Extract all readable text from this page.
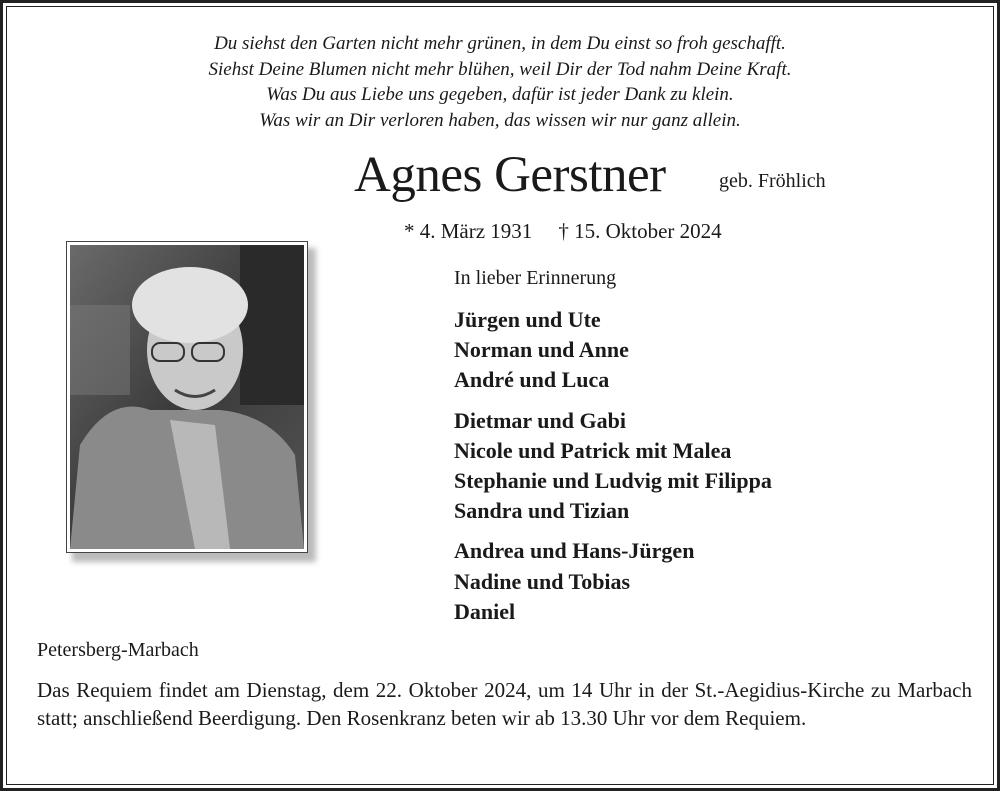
Du siehst den Garten nicht mehr grünen, in dem Du einst so froh geschafft.
Siehst Deine Blumen nicht mehr blühen, weil Dir der Tod nahm Deine Kraft.
Was Du aus Liebe uns gegeben, dafür ist jeder Dank zu klein.
Was wir an Dir verloren haben, das wissen wir nur ganz allein.
Agnes Gerstner	geb. Fröhlich
* 4. März 1931 † 15. Oktober 2024
In lieber Erinnerung
Jürgen und Ute
Norman und Anne
André und Luca
Dietmar und Gabi
Nicole und Patrick mit Malea
Stephanie und Ludvig mit Filippa
Sandra und Tizian
Andrea und Hans-Jürgen
Nadine und Tobias
Daniel
Petersberg-Marbach
Das Requiem findet am Dienstag, dem 22. Oktober 2024, um 14 Uhr in der St.-Aegidius-Kirche zu Marbach statt; anschließend Beerdigung. Den Rosenkranz beten wir ab 13.30 Uhr vor dem Requiem.
